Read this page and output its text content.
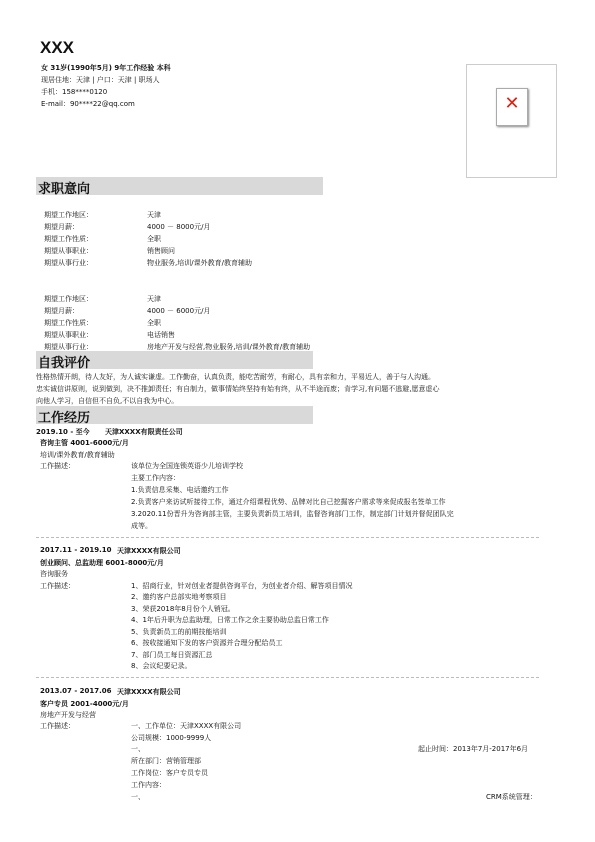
XXX
女 31岁(1990年5月) 9年工作经验 本科
现居住地：天津 | 户口：天津 | 职场人
手机：158****0120
E-mail：90****22@qq.com	✕
求职意向
期望工作地区：	天津
期望月薪：	4000 － 8000元/月
期望工作性质：	全职
期望从事职业：	销售顾问
期望从事行业：	物业服务,培训/课外教育/教育辅助
期望工作地区：	天津
期望月薪：	4000 － 6000元/月
期望工作性质：	全职
期望从事职业：	电话销售
期望从事行业：	房地产开发与经营,物业服务,培训/课外教育/教育辅助
自我评价
性格热情开朗，待人友好，为人诚实谦虚。工作勤奋，认真负责，能吃苦耐劳，有耐心，具有亲和力，平易近人，善于与人沟通。
忠实诚信讲原则，说到做到，决不推卸责任；有自制力，做事情始终坚持有始有终，从不半途而废；肯学习,有问题不逃避,愿意虚心
向他人学习，自信但不自负,不以自我为中心。
工作经历
2019.10 - 至今 天津XXXX有限责任公司
咨询主管 4001-6000元/月
培训/课外教育/教育辅助
工作描述：	该单位为全国连锁英语少儿培训学校
主要工作内容：
1.负责信息采集、电话邀约工作
2.负责客户来访试听接待工作，通过介绍课程优势、品牌对比自己挖掘客户需求等来促成报名签单工作
3.2020.11份晋升为咨询部主管，主要负责新员工培训，监督咨询部门工作，制定部门计划并督促团队完
成等。
2017.11 - 2019.10 天津XXXX有限公司
创业顾问、总监助理 6001-8000元/月
咨询服务
工作描述：	1、招商行业，针对创业者提供咨询平台，为创业者介绍、解答项目情况
2、邀约客户总部实地考察项目
3、荣获2018年8月份个人销冠。
4、1年后升职为总监助理，日常工作之余主要协助总监日常工作
5、负责新员工的前期技能培训
6、按收接通知下发的客户资源并合理分配给员工
7、部门员工每日资源汇总
8、会议纪要记录。
2013.07 - 2017.06 天津XXXX有限公司
客户专员 2001-4000元/月
房地产开发与经营
工作描述：	一、工作单位：天津XXXX有限公司
公司规模：1000-9999人
一、
所在部门：营销管理部
工作岗位：客户专员专员
工作内容：
一、
起止时间：2013年7月-2017年6月
CRM系统管理：
